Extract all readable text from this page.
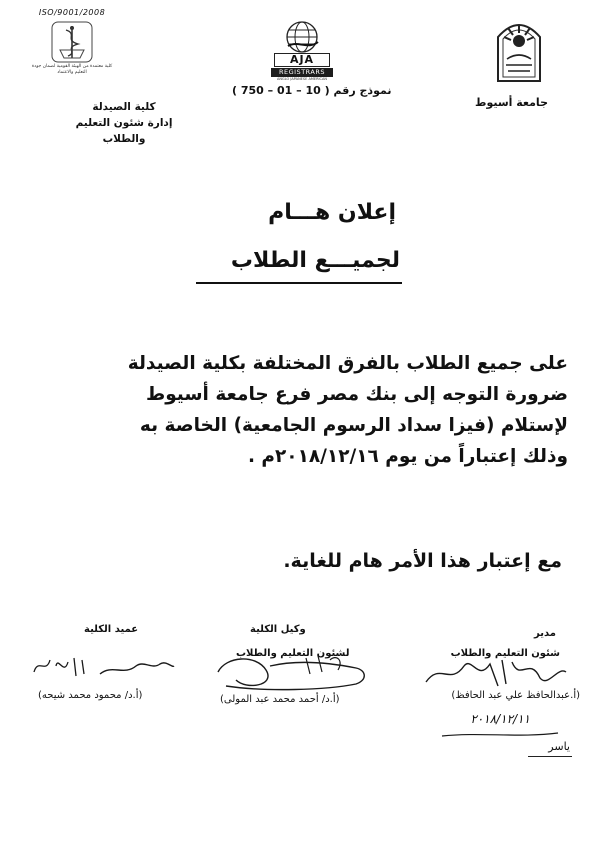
ISO/9001/2008
كلية معتمدة من الهيئة القومية لضمان جودة التعليم والاعتماد
AJA
REGISTRARS
ANGLO JAPANESE AMERICAN
جامعة أسيوط
نموذج رقم ( 10 – 01 – 750 )
كلية الصيدلة
إدارة شئون التعليم والطلاب
إعلان هـــام
لجميـــع الطلاب

على جميع الطلاب بالفرق المختلفة بكلية الصيدلة

ضرورة التوجه إلى بنك مصر فرع جامعة أسيوط

لإستلام (فيزا سداد الرسوم الجامعية) الخاصة به

وذلك إعتباراً من يوم ٢٠١٨/١٢/١٦م .

مع إعتبار هذا الأمر هام للغاية.
مدير
شئون التعليم والطلاب
(أ.عبدالحافظ علي عبد الحافظ)
٢٠١٨/١٢/١١
وكيل الكلية
لشئون التعليم والطلاب
(أ.د/ أحمد محمد عبد المولى)
عميد الكلية
(أ.د/ محمود محمد شيحه)
ياسر
